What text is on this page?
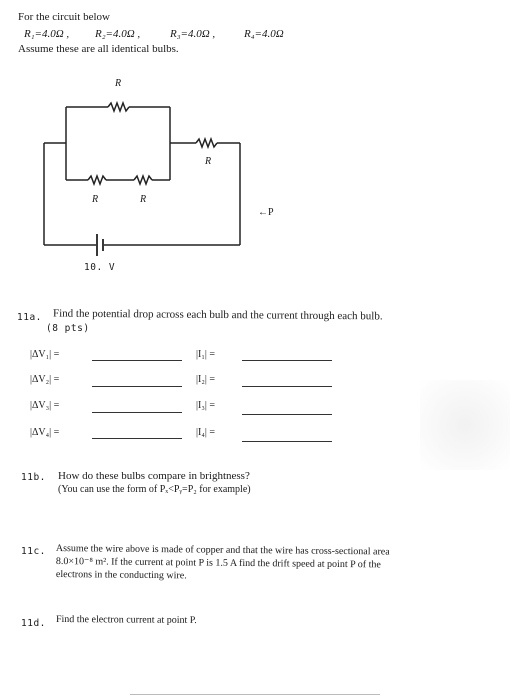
For the circuit below
R₁=4.0Ω , R₂=4.0Ω ,	R₃=4.0Ω ,	R₄=4.0Ω
Assume these are all identical bulbs.
R
R
R	R
←P
10. V
11a. Find the potential drop across each bulb and the current through each bulb.
(8 pts)
|ΔV₁| =	|I₁| =
|ΔV₂| =	|I₂| =
|ΔV₃| =	|I₃| =
|ΔV₄| =	|I₄| =
11b. How do these bulbs compare in brightness?
(You can use the form of Pₓ<Pᵧ=P₂ for example)
11c. Assume the wire above is made of copper and that the wire has cross-sectional area
8.0×10⁻⁸ m². If the current at point P is 1.5 A find the drift speed at point P of the
electrons in the conducting wire.
11d. Find the electron current at point P.
